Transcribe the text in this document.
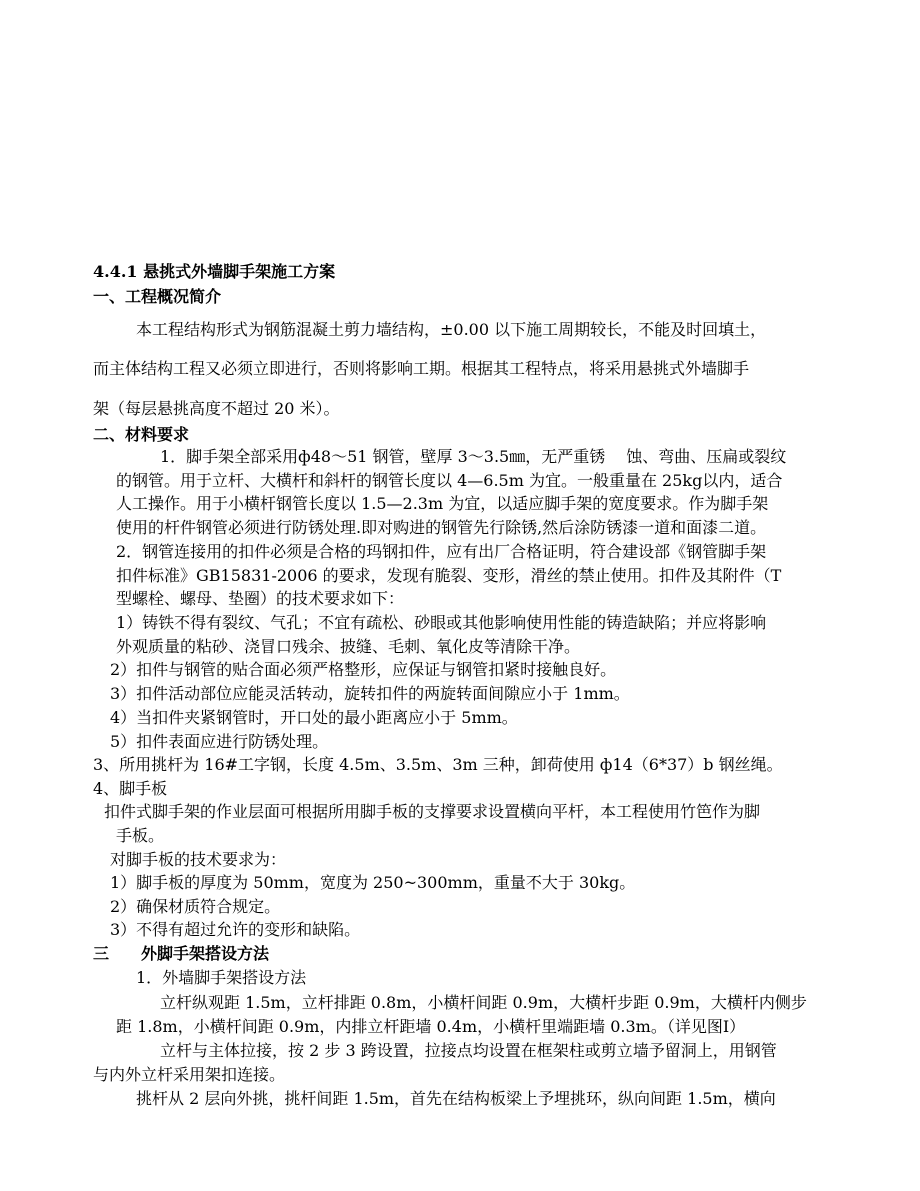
4.4.1 悬挑式外墙脚手架施工方案
一、工程概况简介
本工程结构形式为钢筋混凝土剪力墙结构，±0.00 以下施工周期较长，不能及时回填土，
而主体结构工程又必须立即进行，否则将影响工期。根据其工程特点，将采用悬挑式外墙脚手
架（每层悬挑高度不超过 20 米）。
二、材料要求
1．脚手架全部采用ф48～51 钢管，壁厚 3～3.5㎜，无严重锈　 蚀、弯曲、压扁或裂纹
的钢管。用于立杆、大横杆和斜杆的钢管长度以 4—6.5m 为宜。一般重量在 25kg以内，适合
人工操作。用于小横杆钢管长度以 1.5—2.3m 为宜，以适应脚手架的宽度要求。作为脚手架
使用的杆件钢管必须进行防锈处理.即对购进的钢管先行除锈,然后涂防锈漆一道和面漆二道。
2．钢管连接用的扣件必须是合格的玛钢扣件，应有出厂合格证明，符合建设部《钢管脚手架
扣件标准》GB15831-2006 的要求，发现有脆裂、变形，滑丝的禁止使用。扣件及其附件（T
型螺栓、螺母、垫圈）的技术要求如下：
1）铸铁不得有裂纹、气孔；不宜有疏松、砂眼或其他影响使用性能的铸造缺陷；并应将影响
外观质量的粘砂、浇冒口残余、披缝、毛刺、氧化皮等清除干净。
2）扣件与钢管的贴合面必须严格整形，应保证与钢管扣紧时接触良好。
3）扣件活动部位应能灵活转动，旋转扣件的两旋转面间隙应小于 1mm。
4）当扣件夹紧钢管时，开口处的最小距离应小于 5mm。
5）扣件表面应进行防锈处理。
3、所用挑杆为 16#工字钢，长度 4.5m、3.5m、3m 三种，卸荷使用 ф14（6*37）b 钢丝绳。
4、脚手板
扣件式脚手架的作业层面可根据所用脚手板的支撑要求设置横向平杆，本工程使用竹笆作为脚
手板。
对脚手板的技术要求为：
1）脚手板的厚度为 50mm，宽度为 250~300mm，重量不大于 30kg。
2）确保材质符合规定。
3）不得有超过允许的变形和缺陷。
三　　外脚手架搭设方法
1．外墙脚手架搭设方法
立杆纵观距 1.5m，立杆排距 0.8m，小横杆间距 0.9m，大横杆步距 0.9m，大横杆内侧步
距 1.8m，小横杆间距 0.9m，内排立杆距墙 0.4m，小横杆里端距墙 0.3m。（详见图Ⅰ）
立杆与主体拉接，按 2 步 3 跨设置，拉接点均设置在框架柱或剪立墙予留洞上，用钢管
与内外立杆采用架扣连接。
挑杆从 2 层向外挑，挑杆间距 1.5m，首先在结构板梁上予埋挑环，纵向间距 1.5m，横向
